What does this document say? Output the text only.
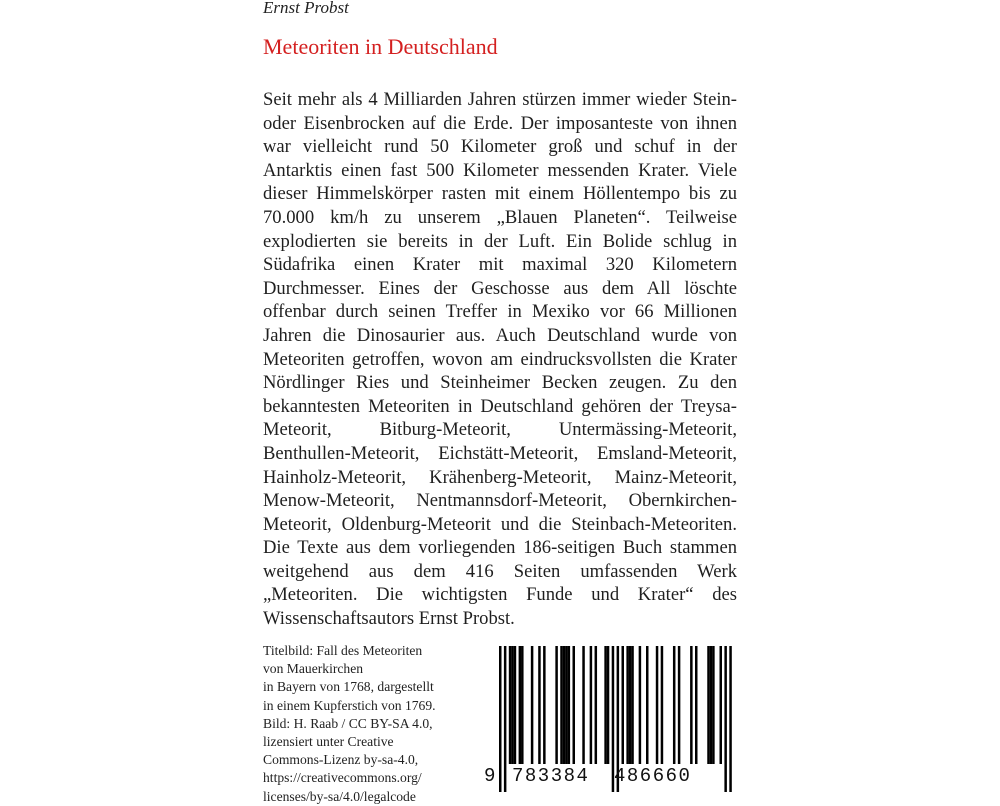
Ernst Probst
Meteoriten in Deutschland

Seit mehr als 4 Milliarden Jahren stürzen immer wieder Stein- oder Eisenbrocken auf die Erde. Der imposanteste von ihnen war vielleicht rund 50 Kilometer groß und schuf in der Antarktis einen fast 500 Kilometer messenden Krater. Viele dieser Himmelskörper rasten mit einem Höllentempo bis zu 70.000 km/h zu unserem „Blauen Planeten“. Teilweise explodierten sie bereits in der Luft. Ein Bolide schlug in Südafrika einen Krater mit maximal 320 Kilometern Durchmesser. Eines der Geschosse aus dem All löschte offenbar durch seinen Treffer in Mexiko vor 66 Millionen Jahren die Dinosaurier aus. Auch Deutschland wurde von Meteoriten getroffen, wovon am eindrucksvollsten die Krater Nördlinger Ries und Steinheimer Becken zeugen. Zu den bekanntesten Meteoriten in Deutschland gehören der Treysa-Meteorit, Bitburg-Meteorit, Untermässing-Meteorit, Benthullen-Meteorit, Eichstätt-Meteorit, Emsland-Meteorit, Hainholz-Meteorit, Krähenberg-Meteorit, Mainz-Meteorit, Menow-Meteorit, Nentmannsdorf-Meteorit, Obernkirchen-Meteorit, Oldenburg-Meteorit und die Steinbach-Meteoriten. Die Texte aus dem vorliegenden 186-seitigen Buch stammen weitgehend aus dem 416 Seiten umfassenden Werk „Meteoriten. Die wichtigsten Funde und Krater“ des Wissenschaftsautors Ernst Probst.

Titelbild: Fall des Meteoriten
von Mauerkirchen
in Bayern von 1768, dargestellt
in einem Kupferstich von 1769.
Bild: H. Raab / CC BY-SA 4.0,
lizensiert unter Creative
Commons-Lizenz by-sa-4.0,
https://creativecommons.org/
licenses/by-sa/4.0/legalcode
9 783384 486660
